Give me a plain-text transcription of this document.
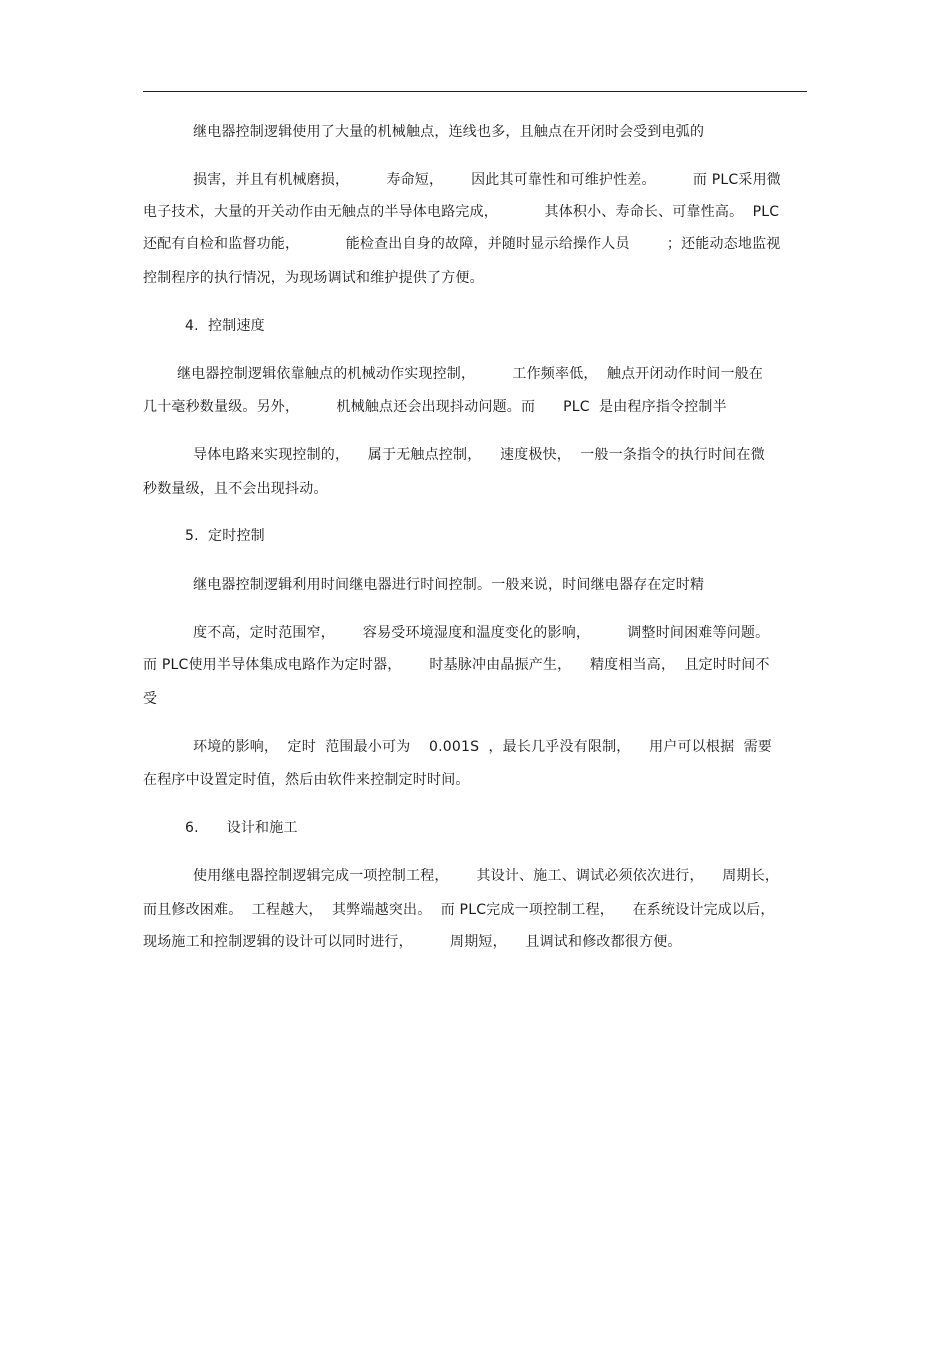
继电器控制逻辑使用了大量的机械触点，连线也多，且触点在开闭时会受到电弧的
损害，并且有机械磨损，        寿命短，      因此其可靠性和可维护性差。        而 PLC采用微
电子技术，大量的开关动作由无触点的半导体电路完成，          其体积小、寿命长、可靠性高。  PLC
还配有自检和监督功能，          能检查出自身的故障，并随时显示给操作人员        ；还能动态地监视
控制程序的执行情况，为现场调试和维护提供了方便。
4.  控制速度
继电器控制逻辑依靠触点的机械动作实现控制，        工作频率低，  触点开闭动作时间一般在
几十毫秒数量级。另外，        机械触点还会出现抖动问题。而      PLC  是由程序指令控制半
导体电路来实现控制的，    属于无触点控制，    速度极快，  一般一条指令的执行时间在微
秒数量级，且不会出现抖动。
5.  定时控制
继电器控制逻辑利用时间继电器进行时间控制。一般来说，时间继电器存在定时精
度不高，定时范围窄，      容易受环境湿度和温度变化的影响，        调整时间困难等问题。
而 PLC使用半导体集成电路作为定时器，      时基脉冲由晶振产生，    精度相当高，  且定时时间不
受
环境的影响，  定时  范围最小可为    0.001S  ，最长几乎没有限制，    用户可以根据  需要
在程序中设置定时值，然后由软件来控制定时时间。
6.      设计和施工
使用继电器控制逻辑完成一项控制工程，      其设计、施工、调试必须依次进行，    周期长，
而且修改困难。  工程越大，  其弊端越突出。  而 PLC完成一项控制工程，    在系统设计完成以后，
现场施工和控制逻辑的设计可以同时进行，        周期短，    且调试和修改都很方便。
